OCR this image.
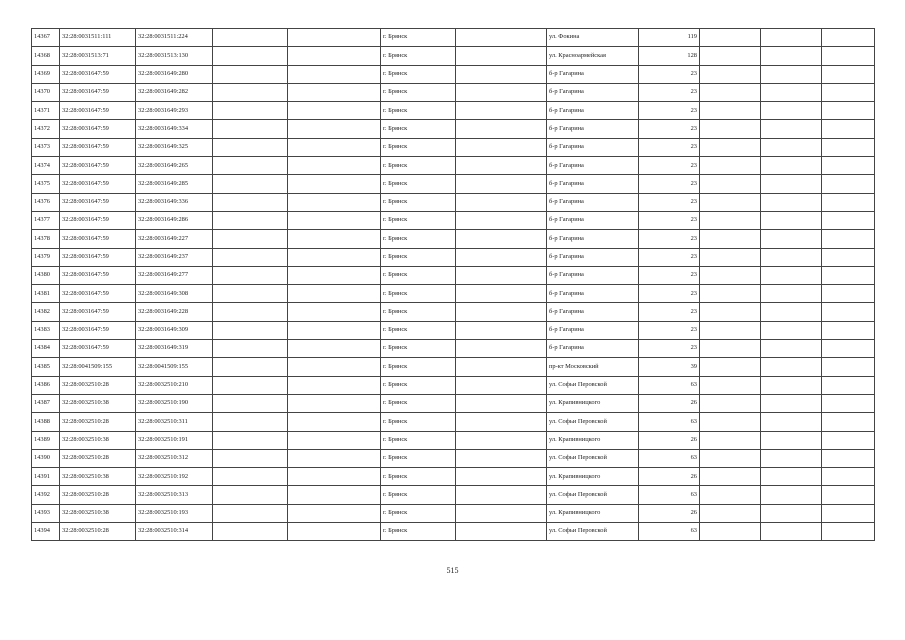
14367	32:28:0031511:111	32:28:0031511:224			г. Брянск		ул. Фокина	119			
14368	32:28:0031513:71	32:28:0031513:130			г. Брянск		ул. Красноармейская	128			
14369	32:28:0031647:59	32:28:0031649:280			г. Брянск		б-р Гагарина	23			
14370	32:28:0031647:59	32:28:0031649:282			г. Брянск		б-р Гагарина	23			
14371	32:28:0031647:59	32:28:0031649:293			г. Брянск		б-р Гагарина	23			
14372	32:28:0031647:59	32:28:0031649:334			г. Брянск		б-р Гагарина	23			
14373	32:28:0031647:59	32:28:0031649:325			г. Брянск		б-р Гагарина	23			
14374	32:28:0031647:59	32:28:0031649:265			г. Брянск		б-р Гагарина	23			
14375	32:28:0031647:59	32:28:0031649:285			г. Брянск		б-р Гагарина	23			
14376	32:28:0031647:59	32:28:0031649:336			г. Брянск		б-р Гагарина	23			
14377	32:28:0031647:59	32:28:0031649:286			г. Брянск		б-р Гагарина	23			
14378	32:28:0031647:59	32:28:0031649:227			г. Брянск		б-р Гагарина	23			
14379	32:28:0031647:59	32:28:0031649:237			г. Брянск		б-р Гагарина	23			
14380	32:28:0031647:59	32:28:0031649:277			г. Брянск		б-р Гагарина	23			
14381	32:28:0031647:59	32:28:0031649:308			г. Брянск		б-р Гагарина	23			
14382	32:28:0031647:59	32:28:0031649:228			г. Брянск		б-р Гагарина	23			
14383	32:28:0031647:59	32:28:0031649:309			г. Брянск		б-р Гагарина	23			
14384	32:28:0031647:59	32:28:0031649:319			г. Брянск		б-р Гагарина	23			
14385	32:28:0041509:155	32:28:0041509:155			г. Брянск		пр-кт Московский	39			
14386	32:28:0032510:28	32:28:0032510:210			г. Брянск		ул. Софьи Перовской	63			
14387	32:28:0032510:38	32:28:0032510:190			г. Брянск		ул. Крапивницкого	26			
14388	32:28:0032510:28	32:28:0032510:311			г. Брянск		ул. Софьи Перовской	63			
14389	32:28:0032510:38	32:28:0032510:191			г. Брянск		ул. Крапивницкого	26			
14390	32:28:0032510:28	32:28:0032510:312			г. Брянск		ул. Софьи Перовской	63			
14391	32:28:0032510:38	32:28:0032510:192			г. Брянск		ул. Крапивницкого	26			
14392	32:28:0032510:28	32:28:0032510:313			г. Брянск		ул. Софьи Перовской	63			
14393	32:28:0032510:38	32:28:0032510:193			г. Брянск		ул. Крапивницкого	26			
14394	32:28:0032510:28	32:28:0032510:314			г. Брянск		ул. Софьи Перовской	63			
515
